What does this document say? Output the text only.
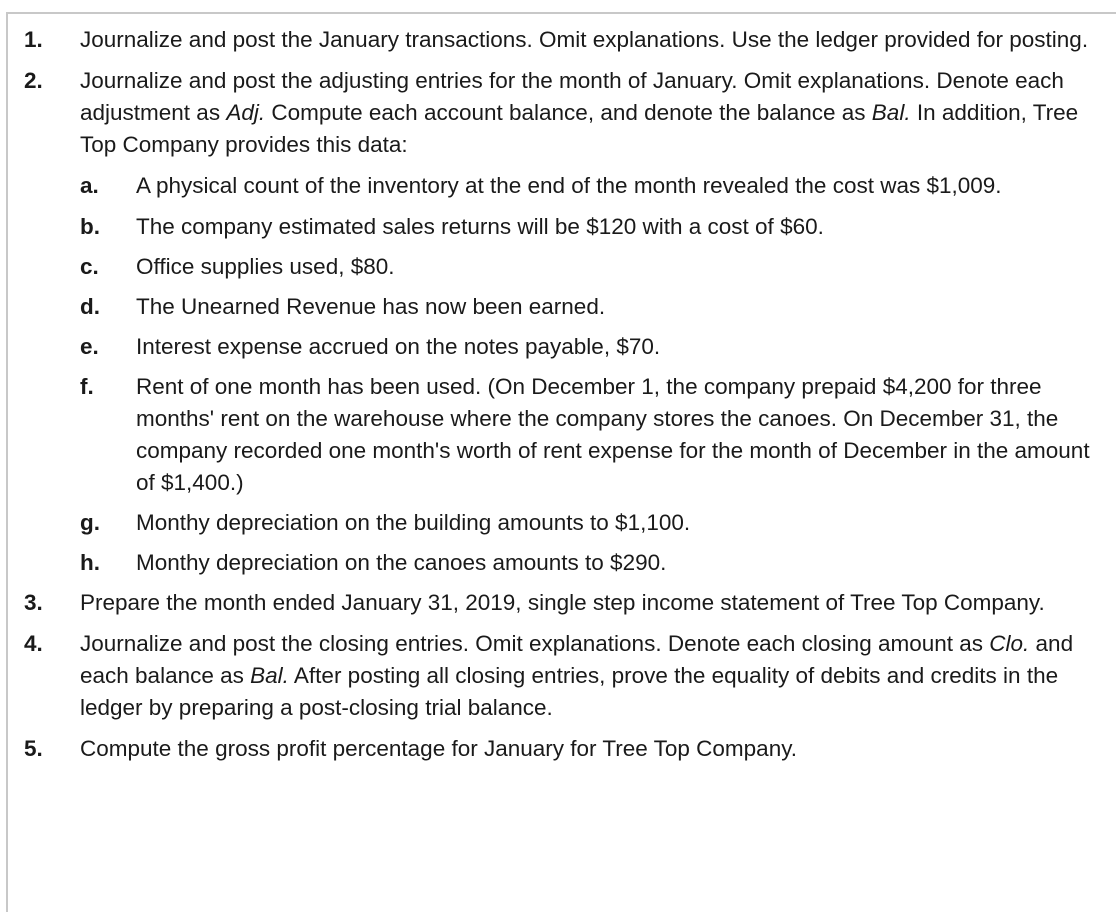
1.	Journalize and post the January transactions. Omit explanations. Use the ledger provided for posting.
2.	Journalize and post the adjusting entries for the month of January. Omit explanations. Denote each adjustment as Adj. Compute each account balance, and denote the balance as Bal. In addition, Tree Top Company provides this data:
a. A physical count of the inventory at the end of the month revealed the cost was $1,009.
b. The company estimated sales returns will be $120 with a cost of $60.
c. Office supplies used, $80.
d. The Unearned Revenue has now been earned.
e. Interest expense accrued on the notes payable, $70.
f. Rent of one month has been used. (On December 1, the company prepaid $4,200 for three months' rent on the warehouse where the company stores the canoes. On December 31, the company recorded one month's worth of rent expense for the month of December in the amount of $1,400.)
g. Monthy depreciation on the building amounts to $1,100.
h. Monthy depreciation on the canoes amounts to $290.
3.	Prepare the month ended January 31, 2019, single step income statement of Tree Top Company.
4.	Journalize and post the closing entries. Omit explanations. Denote each closing amount as Clo. and each balance as Bal. After posting all closing entries, prove the equality of debits and credits in the ledger by preparing a post-closing trial balance.
5.	Compute the gross profit percentage for January for Tree Top Company.
